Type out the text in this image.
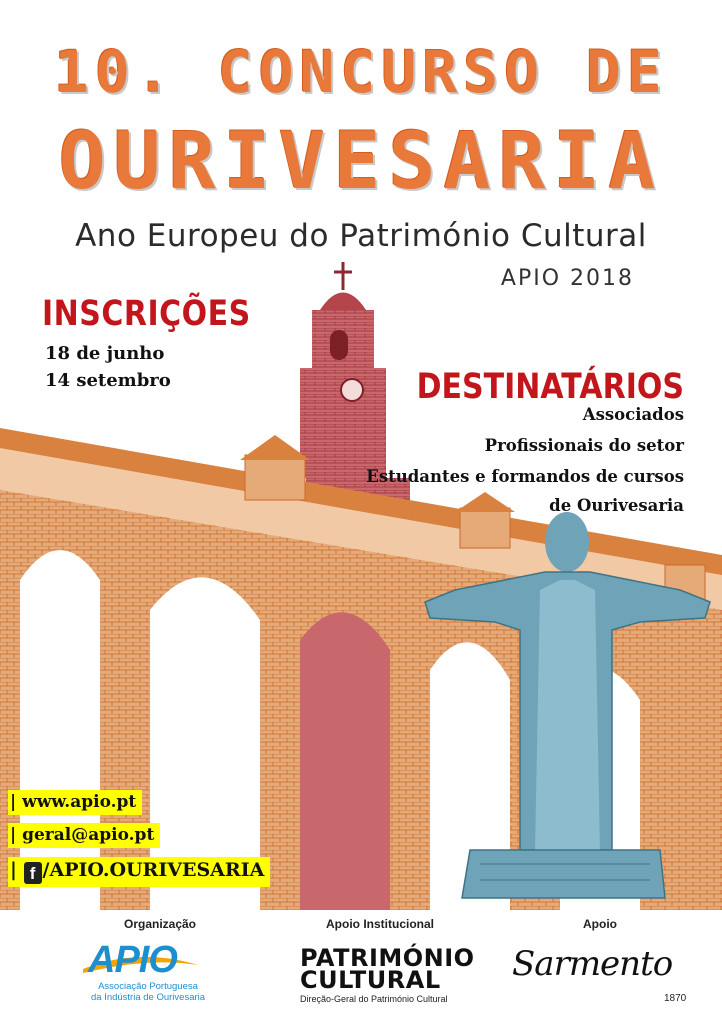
10. CONCURSO DE
OURIVESARIA
Ano Europeu do Património Cultural
APIO 2018
INSCRIÇÕES
18 de junho
14 setembro	DESTINATÁRIOS
Associados
Profissionais do setor
Estudantes e formandos de cursos
de Ourivesaria
| www.apio.pt
| geral@apio.pt
| f /APIO.OURIVESARIA
Organização	Apoio Institucional	Apoio
APIO
Associação Portuguesa
da Indústria de Ourivesaria
PATRIMÓNIO
CULTURAL
Direção-Geral do Património Cultural
Sarmento
1870
